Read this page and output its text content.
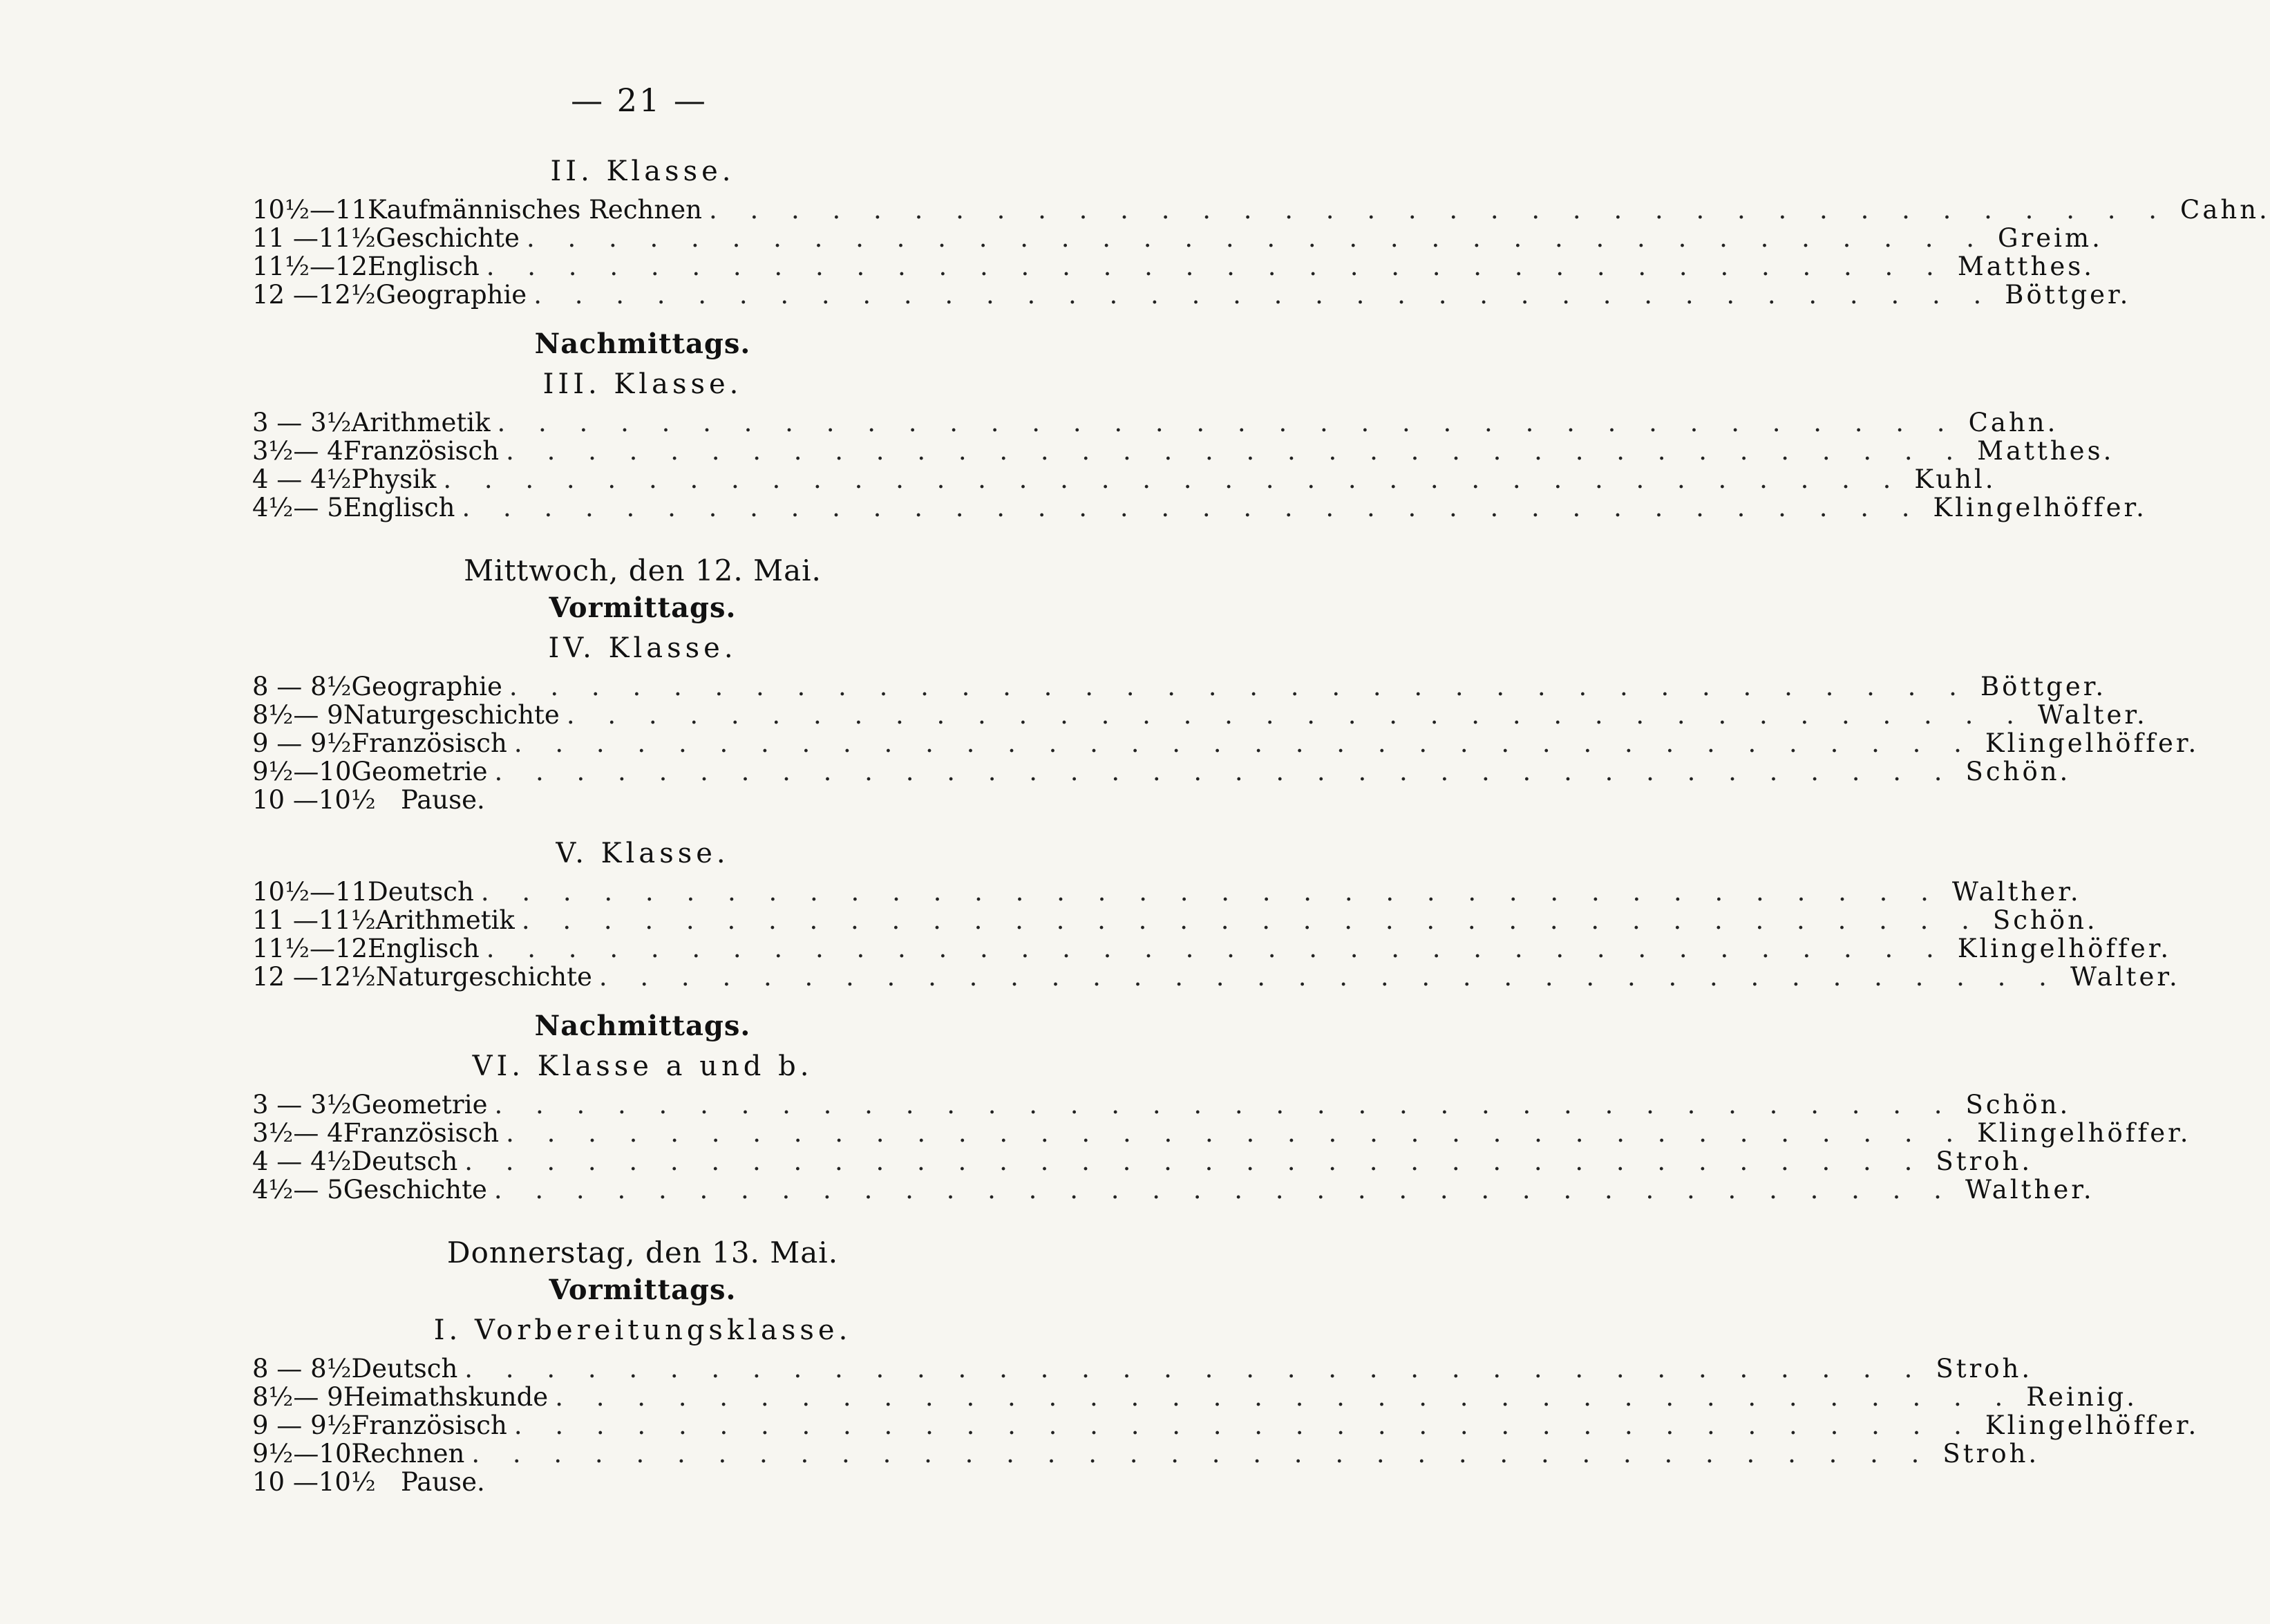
— 21 —
II. Klasse.
10½—11 Kaufmännisches Rechnen . . . . . . . . . . . . . . . . . . . . . . . . . . . . . . . . . . . . Cahn.
11 —11½ Geschichte . . . . . . . . . . . . . . . . . . . . . . . . . . . . . . . . . . . . Greim.
11½—12 Englisch . . . . . . . . . . . . . . . . . . . . . . . . . . . . . . . . . . . . Matthes.
12 —12½ Geographie . . . . . . . . . . . . . . . . . . . . . . . . . . . . . . . . . . . . Böttger.
Nachmittags.
III. Klasse.
3 — 3½ Arithmetik . . . . . . . . . . . . . . . . . . . . . . . . . . . . . . . . . . . . Cahn.
3½— 4 Französisch . . . . . . . . . . . . . . . . . . . . . . . . . . . . . . . . . . . . Matthes.
4 — 4½ Physik . . . . . . . . . . . . . . . . . . . . . . . . . . . . . . . . . . . . Kuhl.
4½— 5 Englisch . . . . . . . . . . . . . . . . . . . . . . . . . . . . . . . . . . . . Klingelhöffer.
Mittwoch, den 12. Mai.
Vormittags.
IV. Klasse.
8 — 8½ Geographie . . . . . . . . . . . . . . . . . . . . . . . . . . . . . . . . . . . . Böttger.
8½— 9 Naturgeschichte . . . . . . . . . . . . . . . . . . . . . . . . . . . . . . . . . . . . Walter.
9 — 9½ Französisch . . . . . . . . . . . . . . . . . . . . . . . . . . . . . . . . . . . . Klingelhöffer.
9½—10 Geometrie . . . . . . . . . . . . . . . . . . . . . . . . . . . . . . . . . . . . Schön.
10 —10½ Pause.
V. Klasse.
10½—11 Deutsch . . . . . . . . . . . . . . . . . . . . . . . . . . . . . . . . . . . . Walther.
11 —11½ Arithmetik . . . . . . . . . . . . . . . . . . . . . . . . . . . . . . . . . . . . Schön.
11½—12 Englisch . . . . . . . . . . . . . . . . . . . . . . . . . . . . . . . . . . . . Klingelhöffer.
12 —12½ Naturgeschichte . . . . . . . . . . . . . . . . . . . . . . . . . . . . . . . . . . . . Walter.
Nachmittags.
VI. Klasse a und b.
3 — 3½ Geometrie . . . . . . . . . . . . . . . . . . . . . . . . . . . . . . . . . . . . Schön.
3½— 4 Französisch . . . . . . . . . . . . . . . . . . . . . . . . . . . . . . . . . . . . Klingelhöffer.
4 — 4½ Deutsch . . . . . . . . . . . . . . . . . . . . . . . . . . . . . . . . . . . . Stroh.
4½— 5 Geschichte . . . . . . . . . . . . . . . . . . . . . . . . . . . . . . . . . . . . Walther.
Donnerstag, den 13. Mai.
Vormittags.
I. Vorbereitungsklasse.
8 — 8½ Deutsch . . . . . . . . . . . . . . . . . . . . . . . . . . . . . . . . . . . . Stroh.
8½— 9 Heimathskunde . . . . . . . . . . . . . . . . . . . . . . . . . . . . . . . . . . . . Reinig.
9 — 9½ Französisch . . . . . . . . . . . . . . . . . . . . . . . . . . . . . . . . . . . . Klingelhöffer.
9½—10 Rechnen . . . . . . . . . . . . . . . . . . . . . . . . . . . . . . . . . . . . Stroh.
10 —10½ Pause.
